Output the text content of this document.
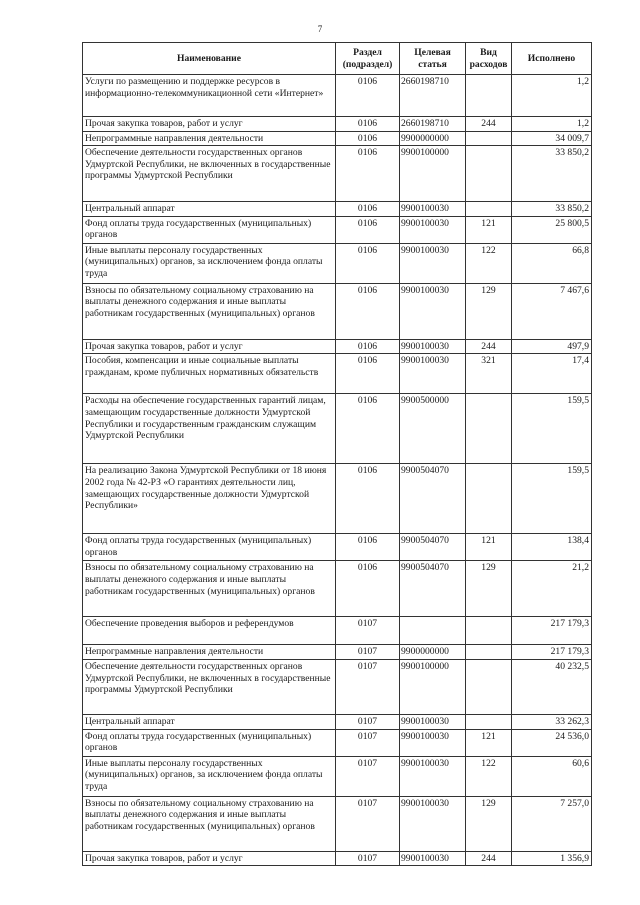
7
Наименование	Раздел (подраздел)	Целевая статья	Вид расходов	Исполнено
Услуги по размещению и поддержке ресурсов в информационно-телекоммуникационной сети «Интернет»	0106	2660198710		1,2
Прочая закупка товаров, работ и услуг	0106	2660198710	244	1,2
Непрограммные направления деятельности	0106	9900000000		34 009,7
Обеспечение деятельности государственных органов Удмуртской Республики, не включенных в государственные программы Удмуртской Республики	0106	9900100000		33 850,2
Центральный аппарат	0106	9900100030		33 850,2
Фонд оплаты труда государственных (муниципальных) органов	0106	9900100030	121	25 800,5
Иные выплаты персоналу государственных (муниципальных) органов, за исключением фонда оплаты труда	0106	9900100030	122	66,8
Взносы по обязательному социальному страхованию на выплаты денежного содержания и иные выплаты работникам государственных (муниципальных) органов	0106	9900100030	129	7 467,6
Прочая закупка товаров, работ и услуг	0106	9900100030	244	497,9
Пособия, компенсации и иные социальные выплаты гражданам, кроме публичных нормативных обязательств	0106	9900100030	321	17,4
Расходы на обеспечение государственных гарантий лицам, замещающим государственные должности Удмуртской Республики и государственным гражданским служащим Удмуртской Республики	0106	9900500000		159,5
На реализацию Закона Удмуртской Республики от 18 июня 2002 года № 42-РЗ «О гарантиях деятельности лиц, замещающих государственные должности Удмуртской Республики»	0106	9900504070		159,5
Фонд оплаты труда государственных (муниципальных) органов	0106	9900504070	121	138,4
Взносы по обязательному социальному страхованию на выплаты денежного содержания и иные выплаты работникам государственных (муниципальных) органов	0106	9900504070	129	21,2
Обеспечение проведения выборов и референдумов	0107			217 179,3
Непрограммные направления деятельности	0107	9900000000		217 179,3
Обеспечение деятельности государственных органов Удмуртской Республики, не включенных в государственные программы Удмуртской Республики	0107	9900100000		40 232,5
Центральный аппарат	0107	9900100030		33 262,3
Фонд оплаты труда государственных (муниципальных) органов	0107	9900100030	121	24 536,0
Иные выплаты персоналу государственных (муниципальных) органов, за исключением фонда оплаты труда	0107	9900100030	122	60,6
Взносы по обязательному социальному страхованию на выплаты денежного содержания и иные выплаты работникам государственных (муниципальных) органов	0107	9900100030	129	7 257,0
Прочая закупка товаров, работ и услуг	0107	9900100030	244	1 356,9
